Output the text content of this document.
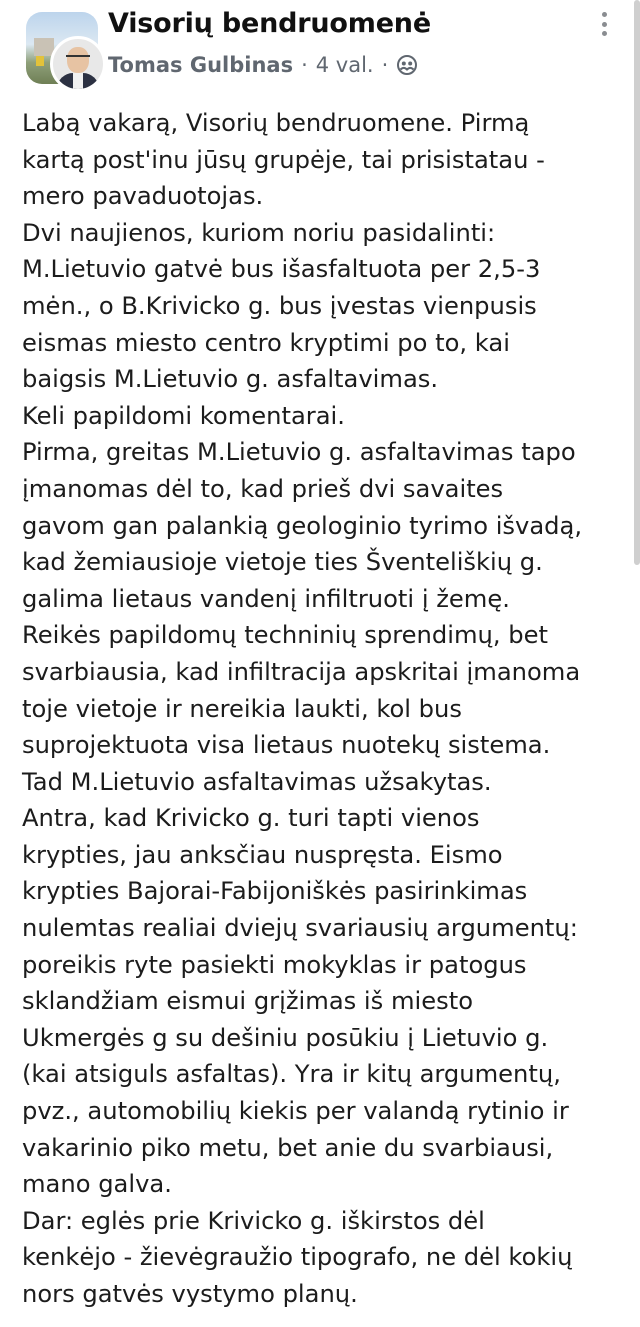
Visorių bendruomenė
Tomas Gulbinas · 4 val. ·
Labą vakarą, Visorių bendruomene. Pirmą
kartą post'inu jūsų grupėje, tai prisistatau -
mero pavaduotojas.
Dvi naujienos, kuriom noriu pasidalinti:
M.Lietuvio gatvė bus išasfaltuota per 2,5-3
mėn., o B.Krivicko g. bus įvestas vienpusis
eismas miesto centro kryptimi po to, kai
baigsis M.Lietuvio g. asfaltavimas.
Keli papildomi komentarai.
Pirma, greitas M.Lietuvio g. asfaltavimas tapo
įmanomas dėl to, kad prieš dvi savaites
gavom gan palankią geologinio tyrimo išvadą,
kad žemiausioje vietoje ties Šventeliškių g.
galima lietaus vandenį infiltruoti į žemę.
Reikės papildomų techninių sprendimų, bet
svarbiausia, kad infiltracija apskritai įmanoma
toje vietoje ir nereikia laukti, kol bus
suprojektuota visa lietaus nuotekų sistema.
Tad M.Lietuvio asfaltavimas užsakytas.
Antra, kad Krivicko g. turi tapti vienos
krypties, jau anksčiau nuspręsta. Eismo
krypties Bajorai-Fabijoniškės pasirinkimas
nulemtas realiai dviejų svariausių argumentų:
poreikis ryte pasiekti mokyklas ir patogus
sklandžiam eismui grįžimas iš miesto
Ukmergės g su dešiniu posūkiu į Lietuvio g.
(kai atsiguls asfaltas). Yra ir kitų argumentų,
pvz., automobilių kiekis per valandą rytinio ir
vakarinio piko metu, bet anie du svarbiausi,
mano galva.
Dar: eglės prie Krivicko g. iškirstos dėl
kenkėjo - žievėgraužio tipografo, ne dėl kokių
nors gatvės vystymo planų.
